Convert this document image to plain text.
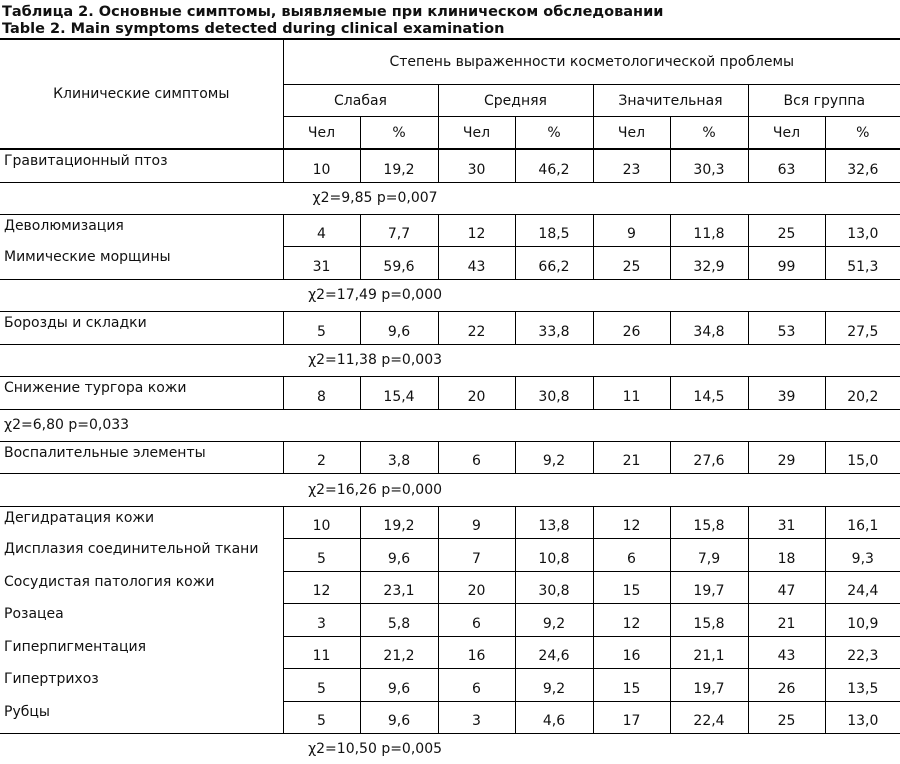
Таблица 2. Основные симптомы, выявляемые при клиническом обследовании
Table 2. Main symptoms detected during clinical examination
Клинические симптомы	Степень выраженности косметологической проблемы							
	Слабая		Средняя		Значительная		Вся группа	
	Чел	%	Чел	%	Чел	%	Чел	%
Гравитационный птоз	10	19,2	30	46,2	23	30,3	63	32,6
χ2=9,85 p=0,007								
Деволюмизация	4	7,7	12	18,5	9	11,8	25	13,0
Мимические морщины	31	59,6	43	66,2	25	32,9	99	51,3
χ2=17,49 p=0,000								
Борозды и складки	5	9,6	22	33,8	26	34,8	53	27,5
χ2=11,38 p=0,003								
Снижение тургора кожи	8	15,4	20	30,8	11	14,5	39	20,2
χ2=6,80 p=0,033								
Воспалительные элементы	2	3,8	6	9,2	21	27,6	29	15,0
χ2=16,26 p=0,000								
Дегидратация кожи	10	19,2	9	13,8	12	15,8	31	16,1
Дисплазия соединительной ткани	5	9,6	7	10,8	6	7,9	18	9,3
Сосудистая патология кожи	12	23,1	20	30,8	15	19,7	47	24,4
Розацеа	3	5,8	6	9,2	12	15,8	21	10,9
Гиперпигментация	11	21,2	16	24,6	16	21,1	43	22,3
Гипертрихоз	5	9,6	6	9,2	15	19,7	26	13,5
Рубцы	5	9,6	3	4,6	17	22,4	25	13,0
χ2=10,50 p=0,005								
